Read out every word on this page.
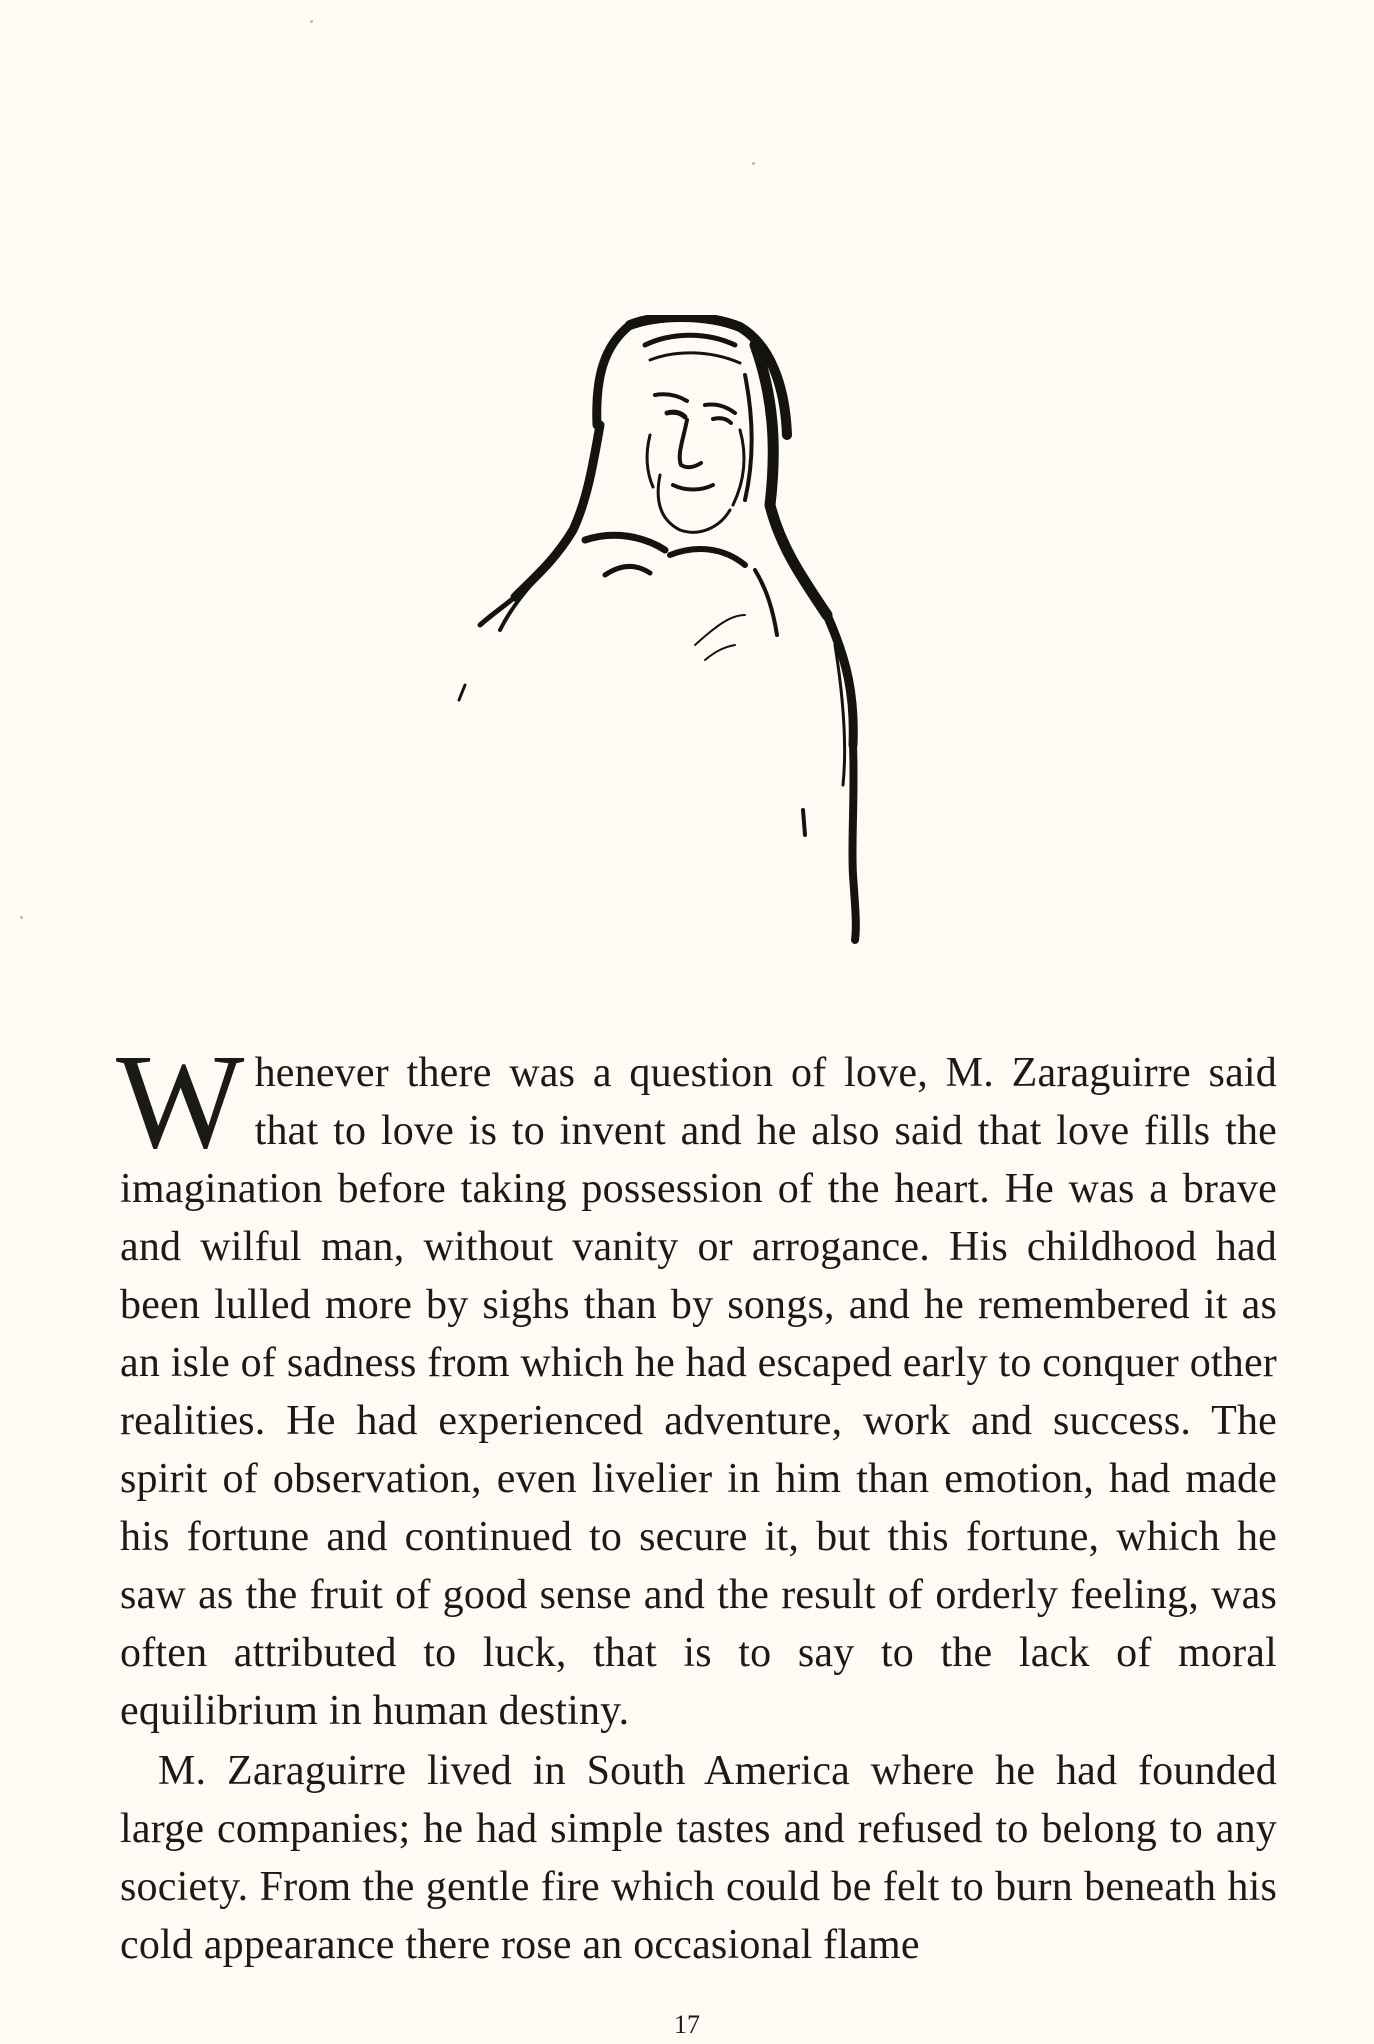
Whenever there was a question of love, M. Zaraguirre said that to love is to invent and he also said that love fills the imagination before taking possession of the heart. He was a brave and wilful man, without vanity or arrogance. His childhood had been lulled more by sighs than by songs, and he remembered it as an isle of sadness from which he had escaped early to conquer other realities. He had experienced adventure, work and success. The spirit of observation, even livelier in him than emotion, had made his fortune and continued to secure it, but this fortune, which he saw as the fruit of good sense and the result of orderly feeling, was often attributed to luck, that is to say to the lack of moral equilibrium in human destiny.

M. Zaraguirre lived in South America where he had founded large companies; he had simple tastes and refused to belong to any society. From the gentle fire which could be felt to burn beneath his cold appearance there rose an occasional flame

17
